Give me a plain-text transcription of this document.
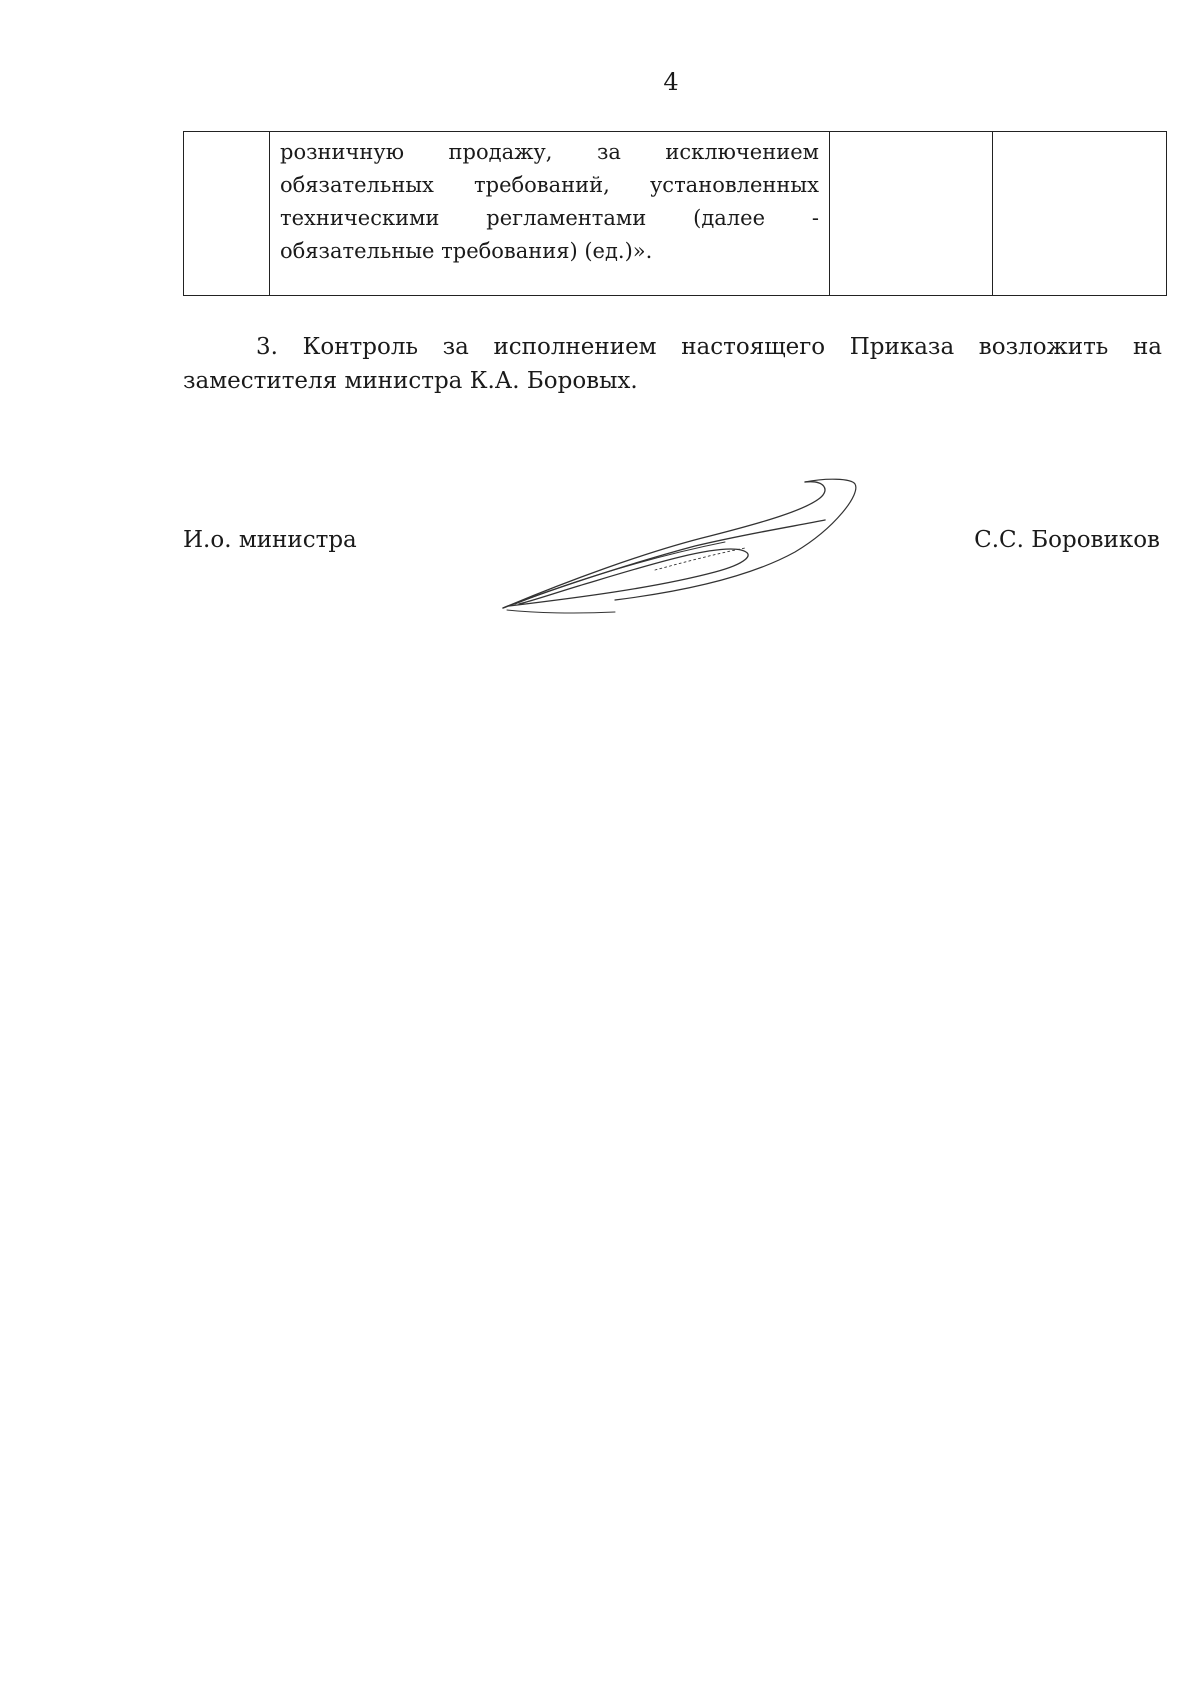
4

розничную продажу, за исключением
обязательных требований, установленных
техническими регламентами (далее -
обязательные требования) (ед.)».

3. Контроль за исполнением настоящего Приказа возложить на
заместителя министра К.А. Боровых.
И.о. министра	С.С. Боровиков
